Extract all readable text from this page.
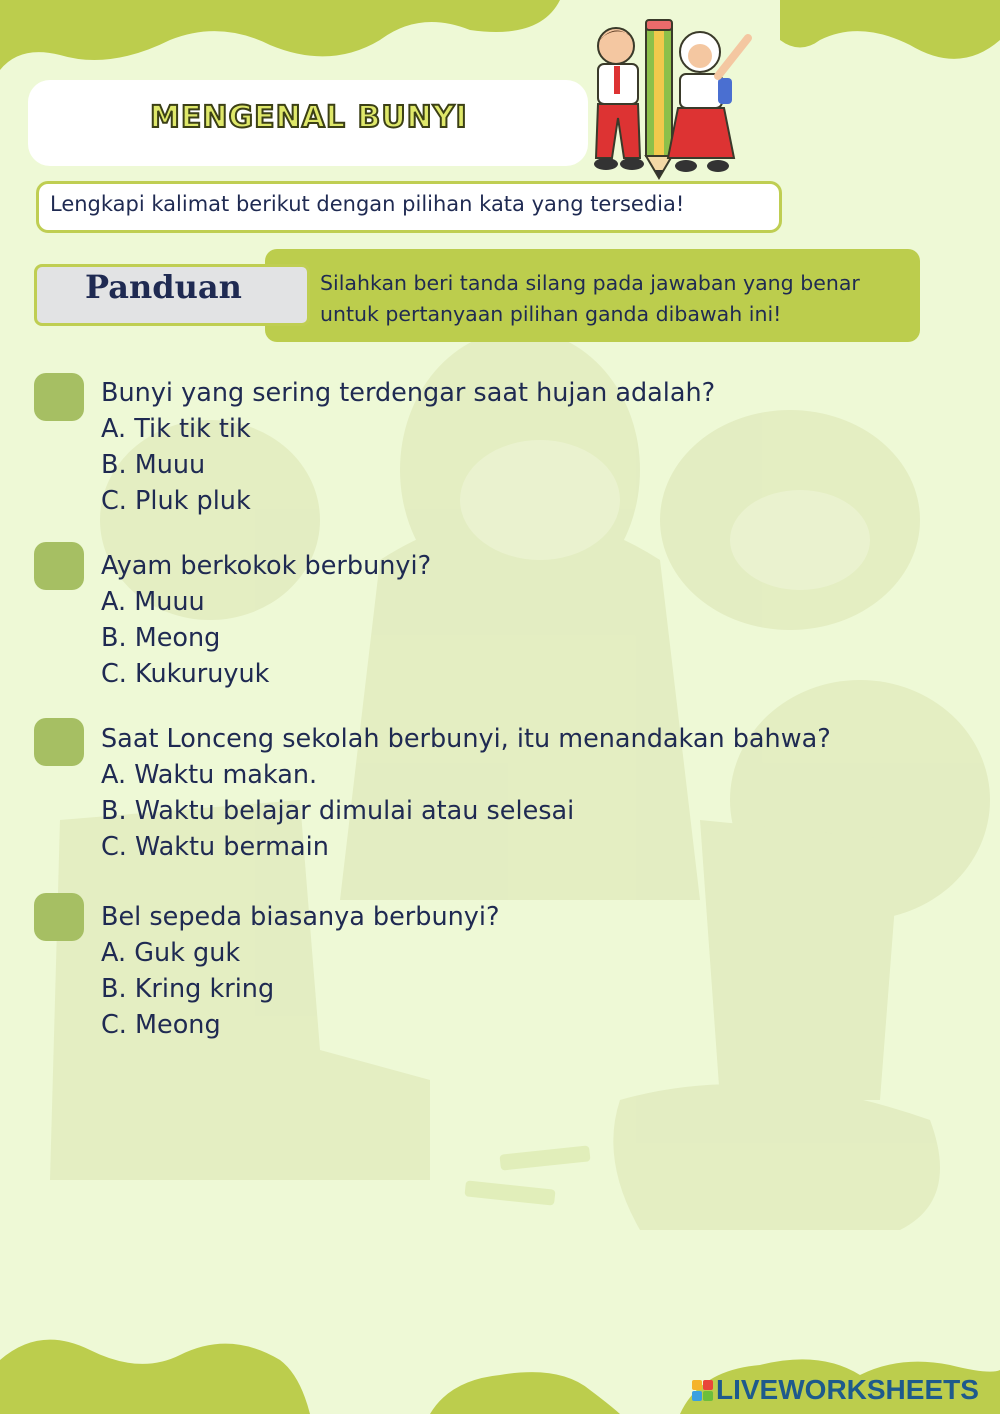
MENGENAL BUNYI
Lengkapi kalimat berikut dengan pilihan kata yang tersedia!
Silahkan beri tanda silang pada jawaban yang benar
untuk pertanyaan pilihan ganda dibawah ini!
Panduan
Bunyi yang sering terdengar saat hujan adalah?
A. Tik tik tik
B. Muuu
C. Pluk pluk
Ayam berkokok berbunyi?
A. Muuu
B. Meong
C. Kukuruyuk
Saat Lonceng sekolah berbunyi, itu menandakan bahwa?
A. Waktu makan.
B. Waktu belajar dimulai atau selesai
C. Waktu bermain
Bel sepeda biasanya berbunyi?
A. Guk guk
B. Kring kring
C. Meong
LIVEWORKSHEETS
